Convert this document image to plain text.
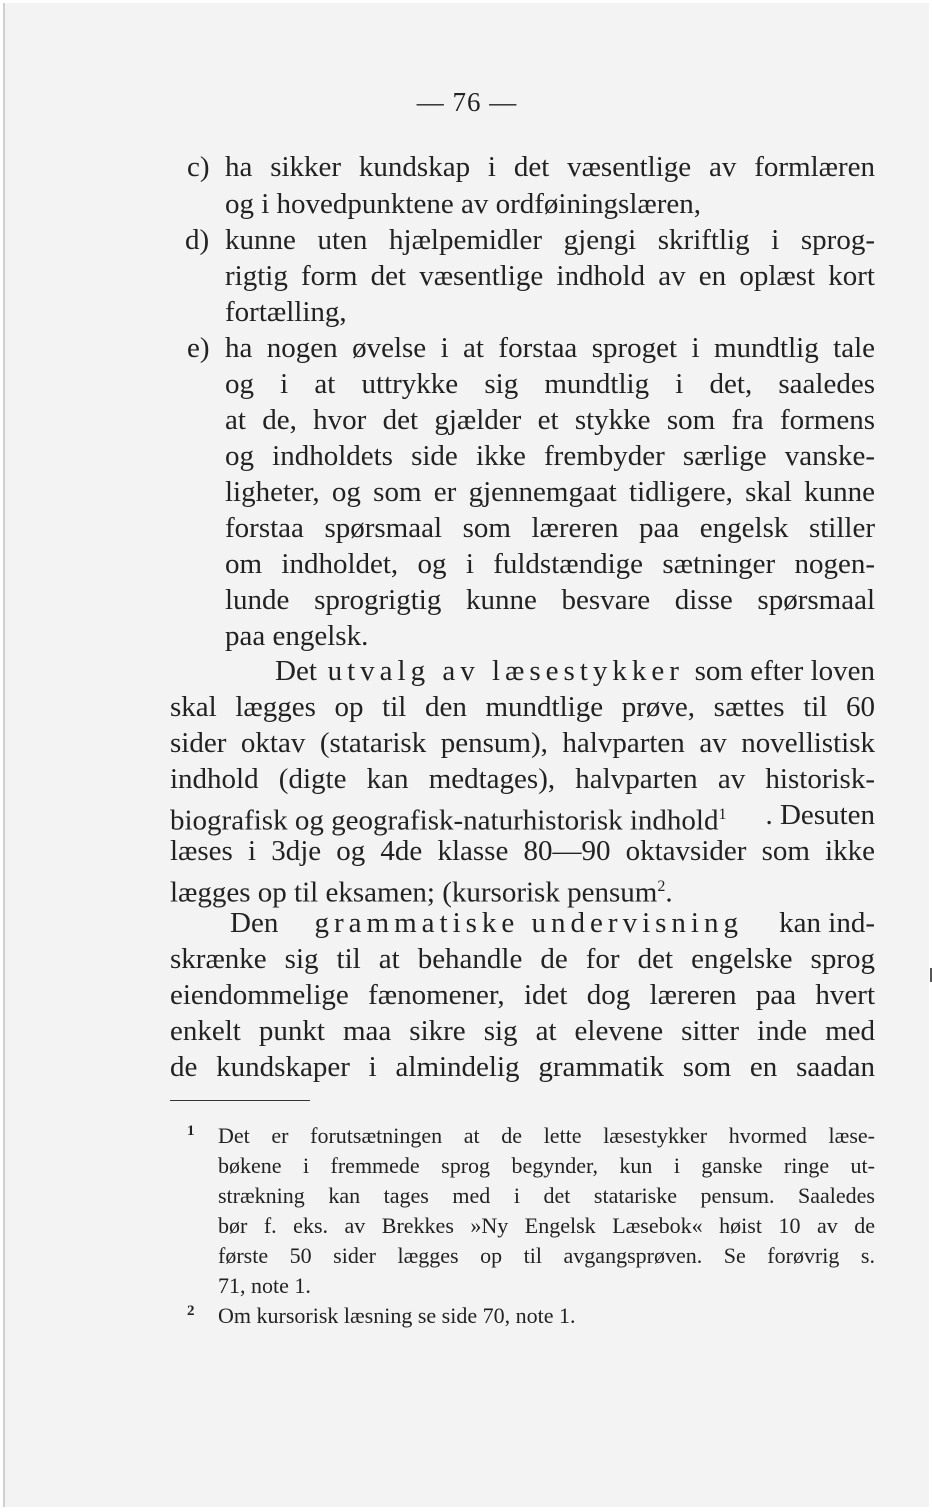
— 76 —
c) ha sikker kundskap i det væsentlige av formlæren
og i hovedpunktene av ordføiningslæren,
d) kunne uten hjælpemidler gjengi skriftlig i sprog-
rigtig form det væsentlige indhold av en oplæst kort
fortælling,
e) ha nogen øvelse i at forstaa sproget i mundtlig tale
og i at uttrykke sig mundtlig i det, saaledes
at de, hvor det gjælder et stykke som fra formens
og indholdets side ikke frembyder særlige vanske-
ligheter, og som er gjennemgaat tidligere, skal kunne
forstaa spørsmaal som læreren paa engelsk stiller
om indholdet, og i fuldstændige sætninger nogen-
lunde sprogrigtig kunne besvare disse spørsmaal
paa engelsk.
Det utvalg av læsestykker som efter loven
skal lægges op til den mundtlige prøve, sættes til 60
sider oktav (statarisk pensum), halvparten av novellistisk
indhold (digte kan medtages), halvparten av historisk-
biografisk og geografisk-naturhistorisk indhold$^1$ . Desuten
læses i 3dje og 4de klasse 80—90 oktavsider som ikke
lægges op til eksamen; (kursorisk pensum$^2$.
Den grammatiske undervisning kan ind-
skrænke sig til at behandle de for det engelske sprog
eiendommelige fænomener, idet dog læreren paa hvert
enkelt punkt maa sikre sig at elevene sitter inde med
de kundskaper i almindelig grammatik som en saadan
1 Det er forutsætningen at de lette læsestykker hvormed læse-
bøkene i fremmede sprog begynder, kun i ganske ringe ut-
strækning kan tages med i det statariske pensum. Saaledes
bør f. eks. av Brekkes »Ny Engelsk Læsebok« høist 10 av de
første 50 sider lægges op til avgangsprøven. Se forøvrig s.
71, note 1.
2 Om kursorisk læsning se side 70, note 1.
